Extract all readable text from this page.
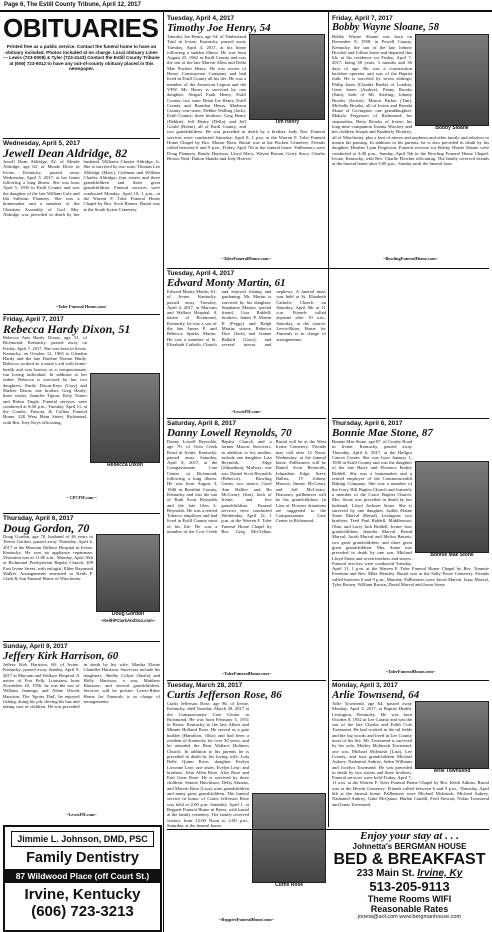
Page 6, The Estill County Tribune, April 12, 2017
OBITUARIES
Printed free as a public service. Contact the funeral home to have an obituary included. Photos included at no charge. Local obituary Lines — Lewis (723-0008) & Tyler (723-4143) Contact the Estill County Tribune at (606) 723-9012 to have any out-of-county obituary placed in this newspaper.
Wednesday, April 5, 2017
Jewell Dean Aldridge, 82
Jewell Dean Aldridge, 82, of Meade Aldridge, age 82, of Meade Drive in Irvine, Kentucky, passed away Wednesday, April 5, 2017, at her home following a long illness. She was born April 5, 1935 in Estill County and was the daughter of the late William Cole and Ida Sullivan Flannery. She was a homemaker and a member of the Christian Assembly of God. Mrs. Aldridge was preceded in death by her husband, Williams Chester Aldridge, Jr. She is survived by two sons: Thomas Lee Aldridge (Mary), Coleman and William Charles Aldridge; four sisters and three grandchildren and three great grandchildren. Funeral services were conducted Monday, April 10, 1 p.m., at the Warren F. Toler Funeral Home Chapel by Bro. Scott Barnes. Burial was at the South Irvine Cemetery.
~Toler Funeral Home.com~
Friday, April 7, 2017
Rebecca Hardy Dixon, 51
Rebecca Dixon
Rebecca Ann Hardy Dixon, age 51, of Richmond, Kentucky, passed away on Friday, April 7, 2017. She was born in Irvine, Kentucky, on October 12, 1965 to Glendon Hardy and the late Darlene Norton Hardy. Rebecca worked as a nurse's aid with home-health and was known as a compassionate, fun loving individual. In addition to her father, Rebecca is survived by her two daughters, Emily Dixon-Keys (Cory) and Sheltee Dixon; one brother, Greg Hardy; three sisters, Jennifer Tipton, Kitty Turner and Robin Tingle. Funeral services were conducted at 6:00 p.m., Tuesday, April 11, at the Combs, Parsons & Collins Funeral Home, 228 West Main Street, Richmond, with Bro. Joey Keys officiating.
~ CPCFH.com ~
Thursday, April 6, 2017
Doug Gordon, 70
Doug Gordon
~KeithPClarkAndSon.com~
Doug Gordon, age 70, husband of 46 years to Teresa Gordon, passed away Thursday, April 6, 2017 at the Marcum Wallace Hospital in Irvine, Kentucky. He was an appliance repairman. Visitation was at 11:00 a.m., Monday, April 10th at Richmond Presbyterian Baptist Church, 209 East Irvine Street, with eulogist, Elder Raymond Walker. Arrangements entrusted to Keith P. Clark & Son Funeral Home of Winchester.
Sunday, April 9, 2017
Jeffery Kirk Harrison, 60
Jeffery Kirk Harrison, 60, of Irvine, Kentucky, passed away Sunday, April 9, 2017 at Marcum and Wallace Hospital. A native of Fort Polk, Louisiana, born November 29, 1956, he was the son of William Jennings and Alene Woods Harrison. The 'Sports Dad', he enjoyed fishing, doing his job, driving his bus and taking care of children. He was preceded in death by his wife, Martha Elaine Chandler Harrison. Survivors include his daughters, Shelby Colyer (Justin) and Holly Harrison; a son, Matthew Harrison; and several grandchildren. Services will be private. Lewis-Ritter Home for Funerals is in charge of arrangements.
~LewisFH.com~
Jimmie L. Johnson, DMD, PSC
Family Dentistry
87 Wildwood Place (off Court St.)
Irvine, Kentucky
(606) 723-3213
Tuesday, April 4, 2017
Timothy Joe Henry, 54
Tim Henry
Timothy Joe Henry, age 54, of Timberland Trail in Irvine, Kentucky, passed away Tuesday, April 4, 2017, at his home following a sudden illness. He was born August 25, 1962 in Estill County and was the son of the late Marvin Allen and Della Mae Puckett Henry. He was owner of Henry Construction Company and had lived in Estill County all his life. He was a member of the American Legion and the VFW. Mr. Henry is survived by one daughter, Abigail Faith Henry, Estill County; two sons: Brian Joe Henry, Estill County and Brandon Henry, Madison County; one sister, Debbie Walling (Jack), Estill County; three brothers, Greg Henry (Debbie), Jeff Henry (Della), and Jeff Gould (Robin), all of Estill County; and two grandchildren. He was preceded in death by a brother, Judy Noe. Funeral services were conducted Saturday, April 8, 1 p.m. at the Warren F. Toler Funeral Home Chapel by Bro. Mason Horn. Burial was at the Puckett Cemetery. Friends called between 6 and 9 p.m., Friday, April 7th at the funeral home. Pallbearers were Doug Flannery, Randy Harrison, Lloyd Macy, Wayne Burton, Gerry Stacy, Charlie Brown Neal, Dalton Shanks and Jody Hoover.
~TolerFuneralHome.com~
Tuesday, April 4, 2017
Edward Monty Martin, 61
Edward Monty Martin, 61, of Irvine, Kentucky, passed away Tuesday, April 4, 2017, at Marcum and Wallace Hospital. A native of Richmond, Kentucky, he was a son of the late James P. and Rebecca Sparks Martin. He was a member of St. Elizabeth Catholic Church and enjoyed fishing and gardening. Mr. Martin is survived by his daughter, Stephanie Martin; special friend, Lisa Riddell; brothers, James P. Martin II (Peggy) and Ralph Martin; sisters, Rebecca Dice (Jack) and Jeanne Ballard (Gary); and several nieces and nephews. A funeral mass was held at St. Elizabeth Catholic Church on Saturday, April 8th at 11 a.m. Friends called anytime after 10 a.m., Saturday, at the church. Lewis-Ritter Home for Funerals is in charge of arrangements.
~LewisFH.com~
Saturday, April 8, 2017
Danny Lowell Reynolds, 70
Danny Lowell Reynolds, age 70, of Twin Creek Road in Irvine, Kentucky, passed away Saturday, April 8, 2017, at the Compassionate Care Center in Richmond, following a long illness. He was born August 3, 1946 in Breathitt County, Kentucky and was the son of Ruth Scott Reynolds and the late Glen L. Reynolds. He was a retired Tobacco employee and had lived in Estill County most of his life. He was a member of the Cow Creek Baptist Church and a former Mason. Survivors, in addition to his mother, include one daughter, Lisa Reynolds Edge (Johnathon), Midway; one son, Daniel Scott Reynolds (Rebecca), Rowling Green; two sisters: Carol Ann Hallier and Bo McCreary (Jim), both of Irvine; and five grandchildren. Funeral services were conducted Wednesday, April 12, 1 p.m. at the Warren F. Toler Funeral Home Chapel by Bro. Greg McClellan. Burial will be at the West Irvine Cemetery. Friends may call after 12 Noon, Wednesday, at the funeral home. Pallbearers will be Daniel Scott Reynolds, Johnathon Edge, Steve Hallier, JV Johnny Moores, Jimmy McCreary and Jeff McCreary. Honorary pallbearers will be his grandchildren. In Lieu of Flowers donations are suggested to the Compassionate Care Center in Richmond.
~TolerFuneralHome.com~
Tuesday, March 28, 2017
Curtis Jefferson Rose, 86
Curtis Rose
Curtis Jefferson Rose, age 86, of Irvine, Kentucky, died Tuesday, March 28, 2017 at the Compassionate Care Center in Richmond. He was born February 5, 1931 in Berea, Kentucky to the late Albert and Minnie Holland Rose. He served as a gate builder (Hamilton, Ohio) and had been a resident of Kentucky for over 30 years, and he attended the Bear Wallace Holiness Church. In addition to his parents he is preceded in death by his loving wife, Lula Belle Quinn Rose; daughter Evelyn Lavonne Lear; one sister, Evelyn Lear; and brothers, John Allen Rose, Alex Rose and Earl Gene Rose. He is survived by three children, Sonnie Hutchison, Della Abrams, and Marvin Rose (Lisa); nine grandchildren and many great grandchildren. The funeral service in honor of Curtis Jefferson Rose was held at 2:00 p.m. Saturday, April 1, at Reppert Funeral Home in Berea, with burial at the family cemetery. The family received visitors from 12:00 Noon to 2:00 p.m., Saturday, at the funeral home.
~ReppertFuneralHome.com~
Friday, April 7, 2017
Bobby Wayne Sloane, 58
Bobby Sloane
Bobby Wayne Sloane was born on December 8, 1958, in Powell County, Kentucky, the son of the late Johnny Brockel and Lillian Jones and departed this life at his residence on Friday, April 7, 2017, being 58 years, 3 months and 30 days of age. He was a construction backhoe operator and was of the Baptist faith. He is survived by seven siblings; Philip Jones (Claudia Burke) of London, Gene Jones (Audrey), Penny Brooks (Sam), both of Mt. Sterling; Johnny Brooks (Jackie), Mason Parker (Tim), Michelle Brooks, all of Irvine and Brenda Skane of Covington; one granddaughter, Makala Fergerson of Richmond; his stepmother, Betty Brooks of Irvine; his long-time companion Jeanita Woolrey and her children Joseph and Kimberly Woolrey, all of Winchester, plus a host of nieces and nephews and other family and relatives to mourn his passing. In addition to his parents, he is also preceded in death by his daughter, Heather Lynn Fergerson. Funeral services for Bobby Wayne Sloane were conducted at 3:00 p.m., Sunday, April 9th in the Bowling Funeral Home Chapel, Irvine, Kentucky, with Rev. Charlie Fletcher officiating. The family received friends at the funeral home after 3:00 p.m., Sunday until the funeral hour.
~BowlingFuneralHome.com~
Thursday, April 6, 2017
Bonnie Mae Stone, 87
Bonnie Mae Stone
Bonnie Mae Stone, age 87, of Crosby Road in Irvine, Kentucky, passed away Thursday, April 6, 2017, at the Hallgro Cancer Center. She was born January 1, 1930 in Estill County and was the daughter of the late Harry and Florence Embry Riddell. She was a homemaker and a retired employee of the Commonwealth Baking Company. She was a member of the Ivory Hill Baptist Church and formerly a member of the Grace Baptist Church. Mrs. Stone was preceded in death by her husband, Lloyd Jackson Stone. She is survived by one daughter, Judith Elaine Stone Marval (Bernd), Lexington; two brothers: Teed Paul Riddell, Middletown, Ohio, and Larry Jack Riddell, Irvine; four grandchildren, Jennifer Marval, Bernd Marval, Jacob Marval and Melisa Bassett; two great grandchildren, and three great great grandchildren. Mrs. Stone was preceded in death by one son, Michael Lloyd Stone and seven brothers and sisters. Funeral services were conducted Tuesday, April 11, 1 p.m. at the Warren F. Toler Funeral Home Chapel by Rev. Tommie Freeman and Rev. Mike Hensley. Burial was at the Sally Poore Cemetery. Friends called between 6 and 9 p.m., Monday. Pallbearers were Jacob Marval, Isaac Marval, Tyler Brown, William Brown, David Marval and Jason Stone.
~TolerFuneralHome.com~
Monday, April 3, 2017
Arlie Townsend, 64
Arlie Townsend
Arlie Townsend, age 64, passed away Monday, April 3, 2017, at Baptist Health, Lexington, Kentucky. He was born October 8, 1952 in Lee County and was the son of the late Charlie and Edith Cole Townsend. He had worked in the oil fields and the log woods and lived in Lee County most of his life. Mr. Townsend is survived by his wife, Maffey McIntosh Townsend; one son, Michael McIntosh (Lisa), Lee County; and four grandchildren Michael Aubrey, Nathaniel Aubrey, Jaden Williams and Jocelyn Townsend. He was preceded in death by two sisters and three brothers. Funeral services were held Friday, April 7, 11 a.m. at the Warren F. Toler Funeral Home Chapel by Bro. Keith Adkins. Burial was at the Hewitt Cemetery. Friends called between 6 and 9 p.m., Thursday, April 6th at the funeral home. Pallbearers were Michael McIntosh, Micheal Aubrey, Nathaniel Aubrey, Gabe McQuinn, Harlan Caudill, Fred Stewart, Nolan Townsend and Jonas Townsend.
Enjoy your stay at . . .
Johnetta's BERGMAN HOUSE
BED & BREAKFAST
233 Main St. Irvine, Ky
513-205-9113
Theme Rooms WIFI
Reasonable Rates
joneta@aol.com www.bergmanhouse.com
